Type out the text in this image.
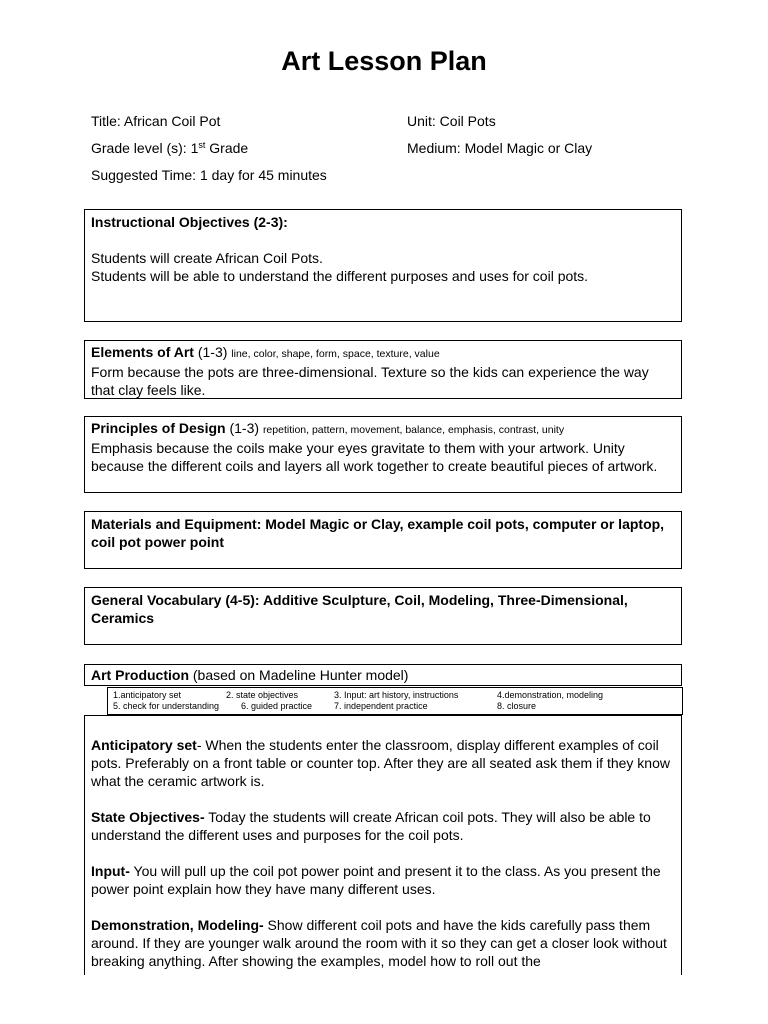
Art Lesson Plan
Title: African Coil Pot	Unit: Coil Pots
Grade level (s): 1st Grade	Medium: Model Magic or Clay
Suggested Time: 1 day for 45 minutes
Instructional Objectives (2-3):
Students will create African Coil Pots.
Students will be able to understand the different purposes and uses for coil pots.
Elements of Art (1-3) line, color, shape, form, space, texture, value
Form because the pots are three-dimensional. Texture so the kids can experience the way that clay feels like.
Principles of Design (1-3) repetition, pattern, movement, balance, emphasis, contrast, unity
Emphasis because the coils make your eyes gravitate to them with your artwork. Unity because the different coils and layers all work together to create beautiful pieces of artwork.
Materials and Equipment: Model Magic or Clay, example coil pots, computer or laptop, coil pot power point
General Vocabulary (4-5): Additive Sculpture, Coil, Modeling, Three-Dimensional, Ceramics
Art Production (based on Madeline Hunter model)
1.anticipatory set	2. state objectives	3. Input: art history, instructions	4.demonstration, modeling
5. check for understanding 6. guided practice 7. independent practice	8. closure

Anticipatory set- When the students enter the classroom, display different examples of coil pots. Preferably on a front table or counter top. After they are all seated ask them if they know what the ceramic artwork is.

State Objectives- Today the students will create African coil pots. They will also be able to understand the different uses and purposes for the coil pots.

Input- You will pull up the coil pot power point and present it to the class. As you present the power point explain how they have many different uses.

Demonstration, Modeling- Show different coil pots and have the kids carefully pass them around. If they are younger walk around the room with it so they can get a closer look without breaking anything. After showing the examples, model how to roll out the
